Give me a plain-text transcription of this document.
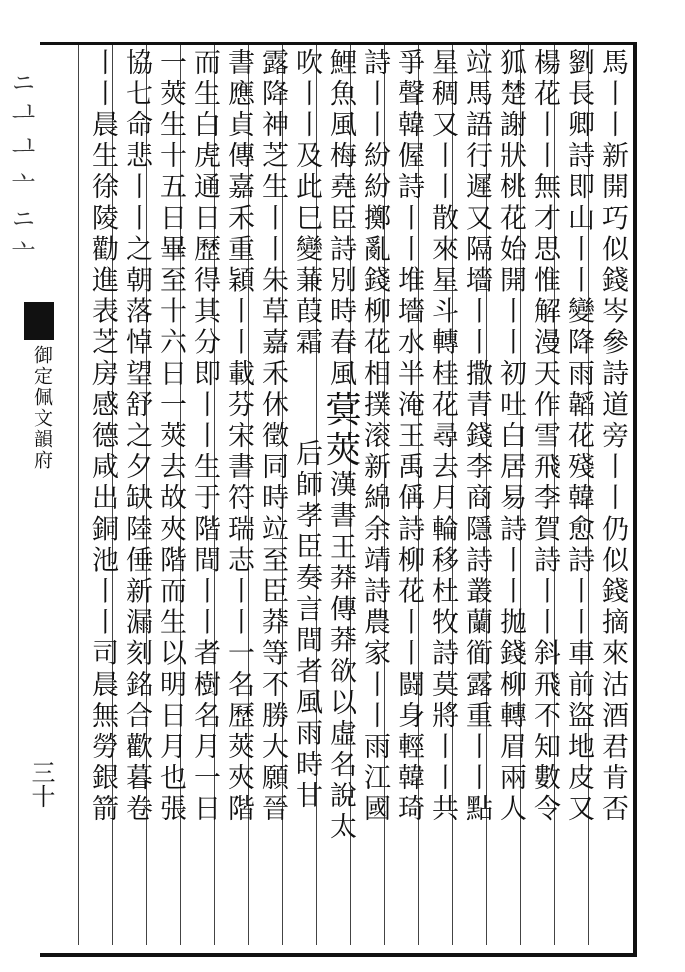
ニᆜᆜ亠ニ亠
御定佩文韻府
三十	馬丨丨新開巧似錢岑參詩道旁丨丨仍似錢摘來沽酒君肯否
劉長卿詩即山丨丨變降雨韜花殘韓愈詩丨丨車前盜地皮又
楊花丨丨無才思惟解漫天作雪飛李賀詩丨丨斜飛不知數令
狐楚謝狀桃花始開丨丨初吐白居易詩丨丨拋錢柳轉眉兩人
竝馬語行遲又隔墻丨丨撒青錢李商隱詩叢蘭衜露重丨丨點
星稠又丨丨散來星斗轉桂花尋去月輪移杜牧詩莫將丨丨共
爭聲韓偓詩丨丨堆墻水半淹王禹偁詩柳花丨丨闘身輕韓琦
詩丨丨紛紛擲亂錢柳花相撲滚新綿余靖詩農家丨丨雨江國
鯉魚風梅堯臣詩別時春風蓂莢漢書王莽傳莽欲以虛名說太
吹丨丨及此巳變蒹葭霜后師孝臣奏言間者風雨時甘
露降神芝生丨丨朱草嘉禾休徵同時竝至臣莽等不勝大願晉
書應貞傳嘉禾重穎丨丨載芬宋書符瑞志丨丨一名歷莢夾階
而生白虎通日歷得其分即丨丨生于階間丨丨者樹名月一日
一莢生十五日畢至十六日一莢去故夾階而生以明日月也張
協七命悲丨丨之朝落悼望舒之夕缺陸倕新漏刻銘合歡暮卷
丨丨晨生徐陵勸進表芝房感德咸出銅池丨丨司晨無勞銀箭
